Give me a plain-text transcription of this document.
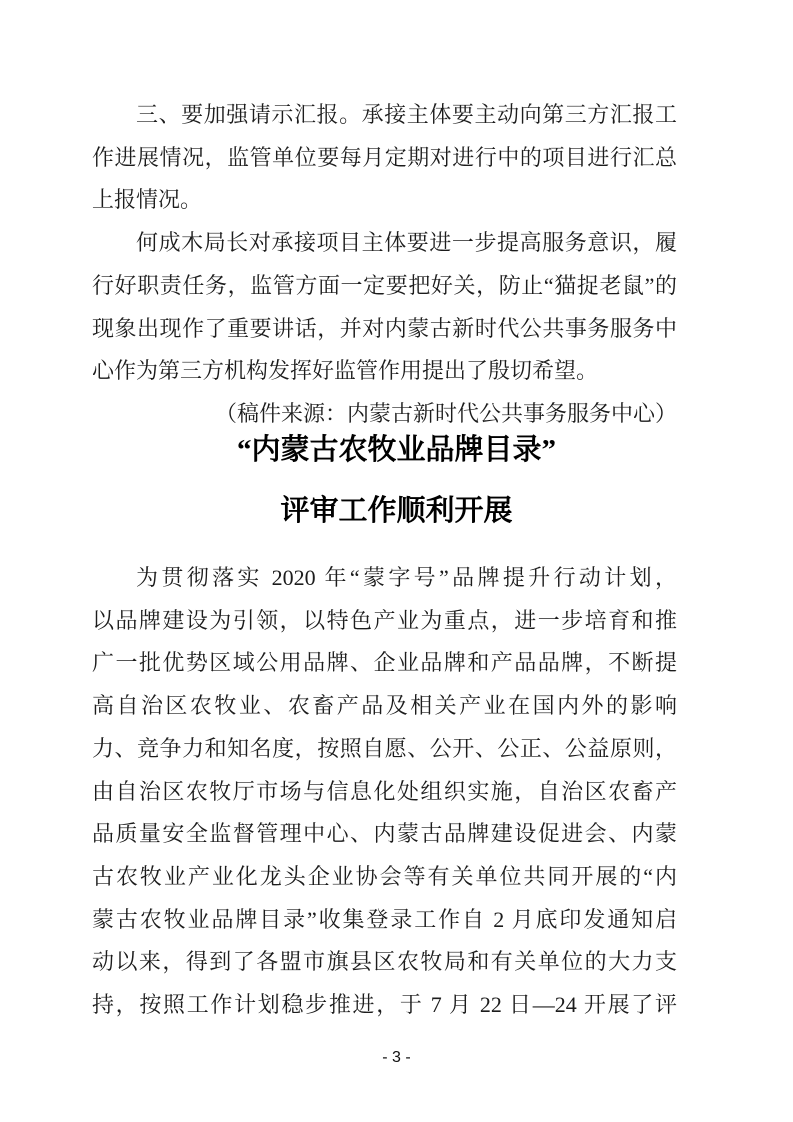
三、要加强请示汇报。承接主体要主动向第三方汇报工
作进展情况，监管单位要每月定期对进行中的项目进行汇总
上报情况。
何成木局长对承接项目主体要进一步提高服务意识，履
行好职责任务，监管方面一定要把好关，防止“猫捉老鼠”的
现象出现作了重要讲话，并对内蒙古新时代公共事务服务中
心作为第三方机构发挥好监管作用提出了殷切希望。
（稿件来源：内蒙古新时代公共事务服务中心）
“内蒙古农牧业品牌目录”
评审工作顺利开展
为贯彻落实 2020 年“蒙字号”品牌提升行动计划，
以品牌建设为引领，以特色产业为重点，进一步培育和推
广一批优势区域公用品牌、企业品牌和产品品牌，不断提
高自治区农牧业、农畜产品及相关产业在国内外的影响
力、竞争力和知名度，按照自愿、公开、公正、公益原则，
由自治区农牧厅市场与信息化处组织实施，自治区农畜产
品质量安全监督管理中心、内蒙古品牌建设促进会、内蒙
古农牧业产业化龙头企业协会等有关单位共同开展的“内
蒙古农牧业品牌目录”收集登录工作自 2 月底印发通知启
动以来，得到了各盟市旗县区农牧局和有关单位的大力支
持，按照工作计划稳步推进，于 7 月 22 日—24 开展了评
- 3 -
